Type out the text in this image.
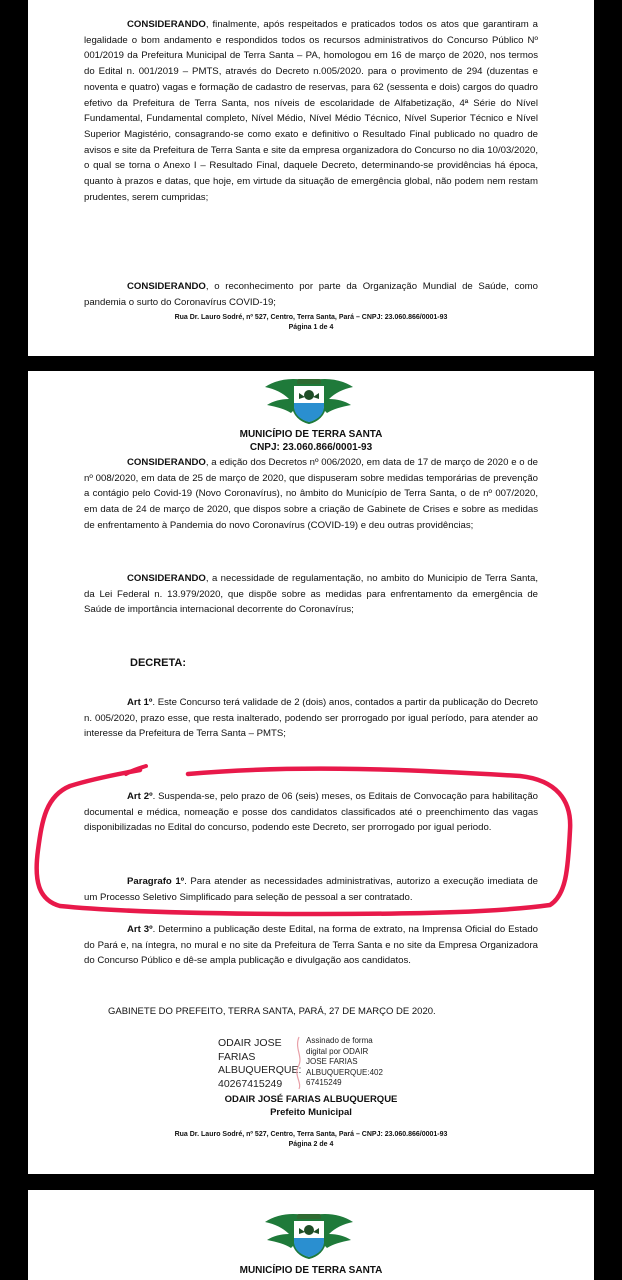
CONSIDERANDO, finalmente, após respeitados e praticados todos os atos que garantiram a legalidade o bom andamento e respondidos todos os recursos administrativos do Concurso Público Nº 001/2019 da Prefeitura Municipal de Terra Santa – PA, homologou em 16 de março de 2020, nos termos do Edital n. 001/2019 – PMTS, através do Decreto n.005/2020. para o provimento de 294 (duzentas e noventa e quatro) vagas e formação de cadastro de reservas, para 62 (sessenta e dois) cargos do quadro efetivo da Prefeitura de Terra Santa, nos níveis de escolaridade de Alfabetização, 4ª Série do Nível Fundamental, Fundamental completo, Nível Médio, Nível Médio Técnico, Nível Superior Técnico e Nível Superior Magistério, consagrando-se como exato e definitivo o Resultado Final publicado no quadro de avisos e site da Prefeitura de Terra Santa e site da empresa organizadora do Concurso no dia 10/03/2020, o qual se torna o Anexo I – Resultado Final, daquele Decreto, determinando-se providências há época, quanto à prazos e datas, que hoje, em virtude da situação de emergência global, não podem nem restam prudentes, serem cumpridas;

CONSIDERANDO, o reconhecimento por parte da Organização Mundial de Saúde, como pandemia o surto do Coronavírus COVID-19;

Rua Dr. Lauro Sodré, nº 527, Centro, Terra Santa, Pará – CNPJ: 23.060.866/0001-93
Página 1 de 4
MUNICÍPIO DE TERRA SANTA
CNPJ: 23.060.866/0001-93

CONSIDERANDO, a edição dos Decretos nº 006/2020, em data de 17 de março de 2020 e o de nº 008/2020, em data de 25 de março de 2020, que dispuseram sobre medidas temporárias de prevenção a contágio pelo Covid-19 (Novo Coronavírus), no âmbito do Município de Terra Santa, o de nº 007/2020, em data de 24 de março de 2020, que dispos sobre a criação de Gabinete de Crises e sobre as medidas de enfrentamento à Pandemia do novo Coronavírus (COVID-19) e deu outras providências;

CONSIDERANDO, a necessidade de regulamentação, no ambito do Municipio de Terra Santa, da Lei Federal n. 13.979/2020, que dispõe sobre as medidas para enfrentamento da emergência de Saúde de importância internacional decorrente do Coronavírus;

DECRETA:

Art 1º. Este Concurso terá validade de 2 (dois) anos, contados a partir da publicação do Decreto n. 005/2020, prazo esse, que resta inalterado, podendo ser prorrogado por igual período, para atender ao interesse da Prefeitura de Terra Santa – PMTS;

Art 2º. Suspenda-se, pelo prazo de 06 (seis) meses, os Editais de Convocação para habilitação documental e médica, nomeação e posse dos candidatos classificados até o preenchimento das vagas disponibilizadas no Edital do concurso, podendo este Decreto, ser prorrogado por igual periodo.

Paragrafo 1º. Para atender as necessidades administrativas, autorizo a execução imediata de um Processo Seletivo Simplificado para seleção de pessoal a ser contratado.

Art 3º. Determino a publicação deste Edital, na forma de extrato, na Imprensa Oficial do Estado do Pará e, na íntegra, no mural e no site da Prefeitura de Terra Santa e no site da Empresa Organizadora do Concurso Público e dê-se ampla publicação e divulgação aos candidatos.

GABINETE DO PREFEITO, TERRA SANTA, PARÁ, 27 DE MARÇO DE 2020.
ODAIR JOSE
FARIAS
ALBUQUERQUE:
40267415249
Assinado de forma
digital por ODAIR
JOSE FARIAS
ALBUQUERQUE:402
67415249
ODAIR JOSÉ FARIAS ALBUQUERQUE
Prefeito Municipal
Rua Dr. Lauro Sodré, nº 527, Centro, Terra Santa, Pará – CNPJ: 23.060.866/0001-93
Página 2 de 4
MUNICÍPIO DE TERRA SANTA
